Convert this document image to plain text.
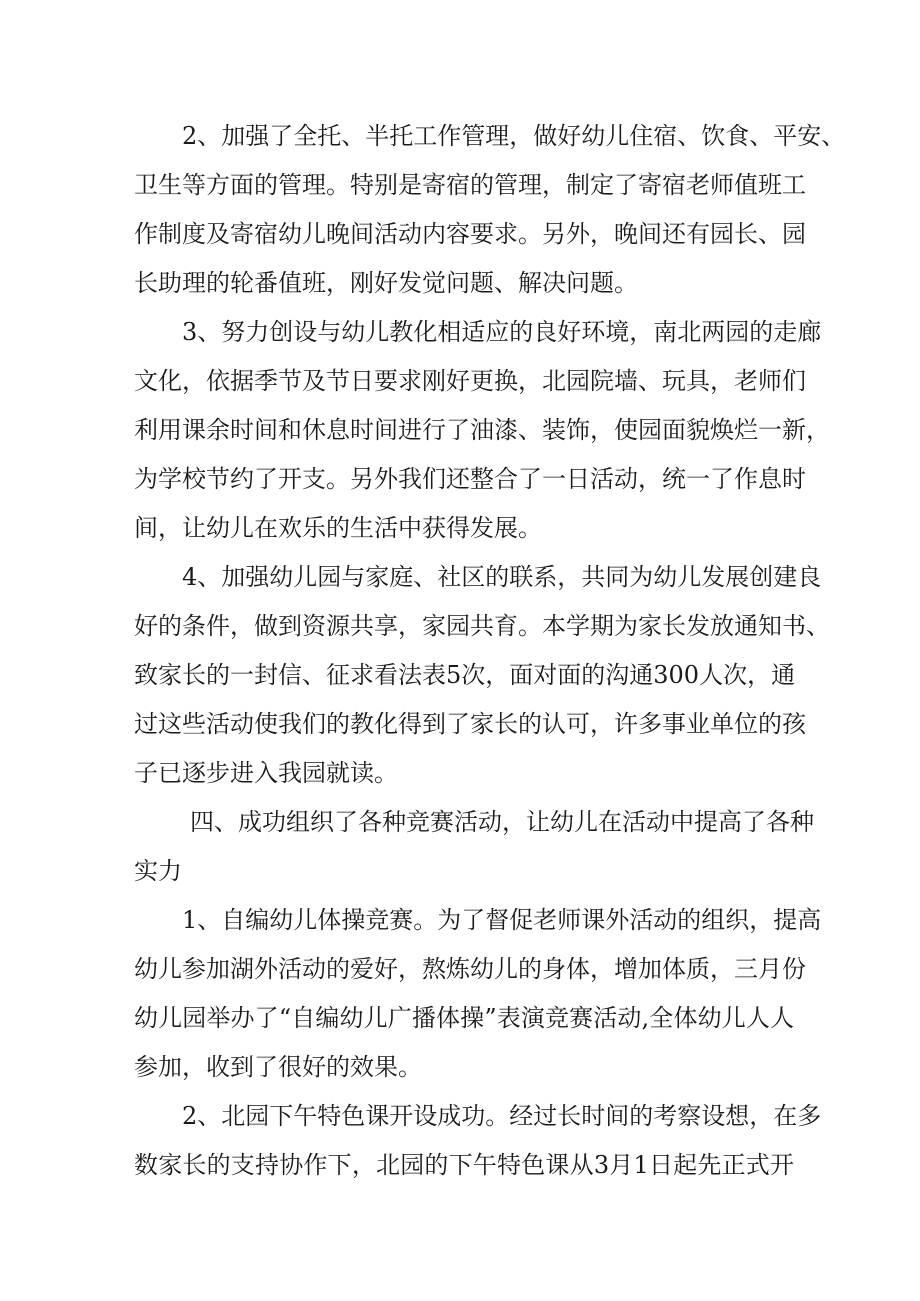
2、加强了全托、半托工作管理，做好幼儿住宿、饮食、平安、

卫生等方面的管理。特别是寄宿的管理，制定了寄宿老师值班工

作制度及寄宿幼儿晚间活动内容要求。另外，晚间还有园长、园

长助理的轮番值班，刚好发觉问题、解决问题。

3、努力创设与幼儿教化相适应的良好环境，南北两园的走廊

文化，依据季节及节日要求刚好更换，北园院墙、玩具，老师们

利用课余时间和休息时间进行了油漆、装饰，使园面貌焕烂一新，

为学校节约了开支。另外我们还整合了一日活动，统一了作息时

间，让幼儿在欢乐的生活中获得发展。

4、加强幼儿园与家庭、社区的联系，共同为幼儿发展创建良

好的条件，做到资源共享，家园共育。本学期为家长发放通知书、

致家长的一封信、征求看法表5次，面对面的沟通300人次，通

过这些活动使我们的教化得到了家长的认可，许多事业单位的孩

子已逐步进入我园就读。

四、成功组织了各种竞赛活动，让幼儿在活动中提高了各种

实力

1、自编幼儿体操竞赛。为了督促老师课外活动的组织，提高

幼儿参加湖外活动的爱好，熬炼幼儿的身体，增加体质，三月份

幼儿园举办了“自编幼儿广播体操”表演竞赛活动,全体幼儿人人

参加，收到了很好的效果。

2、北园下午特色课开设成功。经过长时间的考察设想，在多

数家长的支持协作下，北园的下午特色课从3月1日起先正式开
